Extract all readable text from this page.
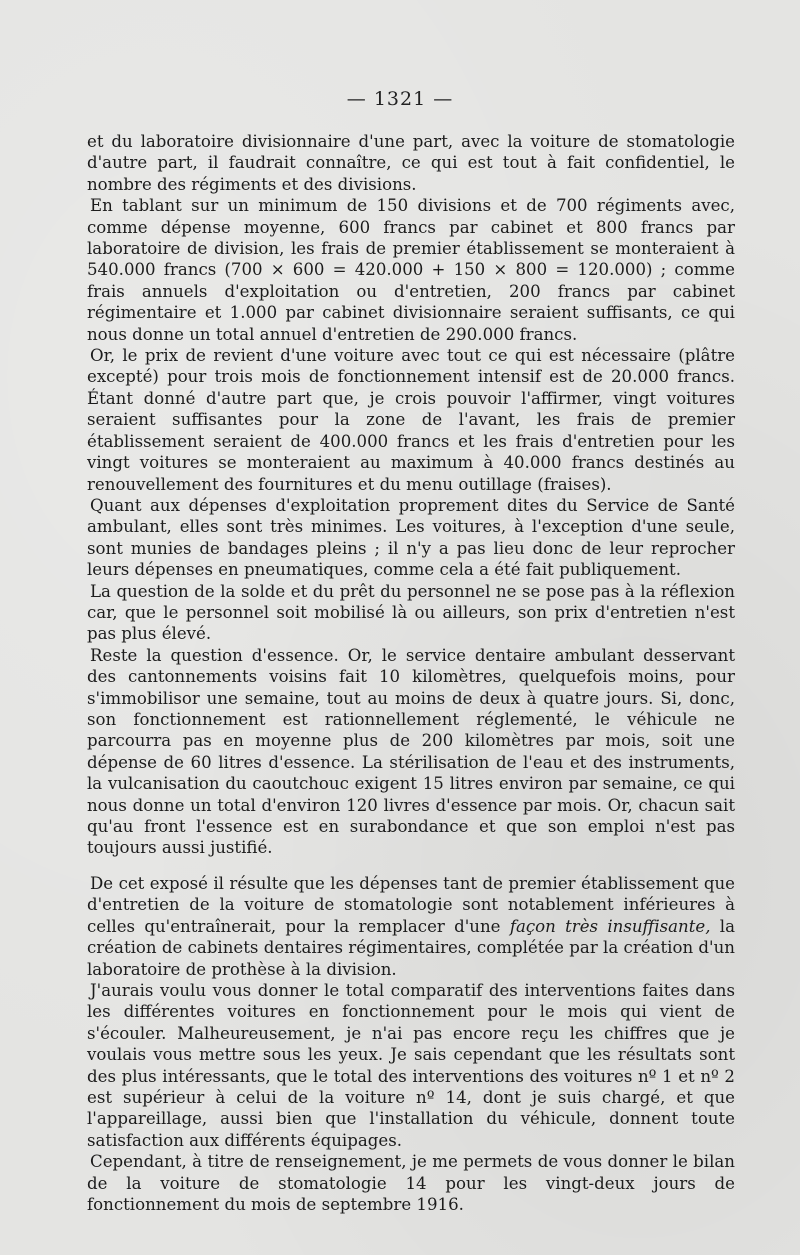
— 1321 —

et du laboratoire divisionnaire d'une part, avec la voiture de stomatologie d'autre part, il faudrait connaître, ce qui est tout à fait confidentiel, le nombre des régiments et des divisions.

En tablant sur un minimum de 150 divisions et de 700 régiments avec, comme dépense moyenne, 600 francs par cabinet et 800 francs par laboratoire de division, les frais de premier établissement se monteraient à 540.000 francs (700 × 600 = 420.000 + 150 × 800 = 120.000) ; comme frais annuels d'exploitation ou d'entretien, 200 francs par cabinet régimentaire et 1.000 par cabinet divisionnaire seraient suffisants, ce qui nous donne un total annuel d'entretien de 290.000 francs.

Or, le prix de revient d'une voiture avec tout ce qui est nécessaire (plâtre excepté) pour trois mois de fonctionnement intensif est de 20.000 francs. Étant donné d'autre part que, je crois pouvoir l'affirmer, vingt voitures seraient suffisantes pour la zone de l'avant, les frais de premier établissement seraient de 400.000 francs et les frais d'entretien pour les vingt voitures se monteraient au maximum à 40.000 francs destinés au renouvellement des fournitures et du menu outillage (fraises).

Quant aux dépenses d'exploitation proprement dites du Service de Santé ambulant, elles sont très minimes. Les voitures, à l'exception d'une seule, sont munies de bandages pleins ; il n'y a pas lieu donc de leur reprocher leurs dépenses en pneumatiques, comme cela a été fait publiquement.

La question de la solde et du prêt du personnel ne se pose pas à la réflexion car, que le personnel soit mobilisé là ou ailleurs, son prix d'entretien n'est pas plus élevé.

Reste la question d'essence. Or, le service dentaire ambulant desservant des cantonnements voisins fait 10 kilomètres, quelquefois moins, pour s'immobilisor une semaine, tout au moins de deux à quatre jours. Si, donc, son fonctionnement est rationnellement réglementé, le véhicule ne parcourra pas en moyenne plus de 200 kilomètres par mois, soit une dépense de 60 litres d'essence. La stérilisation de l'eau et des instruments, la vulcanisation du caoutchouc exigent 15 litres environ par semaine, ce qui nous donne un total d'environ 120 livres d'essence par mois. Or, chacun sait qu'au front l'essence est en surabondance et que son emploi n'est pas toujours aussi justifié.

De cet exposé il résulte que les dépenses tant de premier établissement que d'entretien de la voiture de stomatologie sont notablement inférieures à celles qu'entraînerait, pour la remplacer d'une façon très insuffisante, la création de cabinets dentaires régimentaires, complétée par la création d'un laboratoire de prothèse à la division.

J'aurais voulu vous donner le total comparatif des interventions faites dans les différentes voitures en fonctionnement pour le mois qui vient de s'écouler. Malheureusement, je n'ai pas encore reçu les chiffres que je voulais vous mettre sous les yeux. Je sais cependant que les résultats sont des plus intéressants, que le total des interventions des voitures nº 1 et nº 2 est supérieur à celui de la voiture nº 14, dont je suis chargé, et que l'appareillage, aussi bien que l'installation du véhicule, donnent toute satisfaction aux différents équipages.

Cependant, à titre de renseignement, je me permets de vous donner le bilan de la voiture de stomatologie 14 pour les vingt-deux jours de fonctionnement du mois de septembre 1916.
